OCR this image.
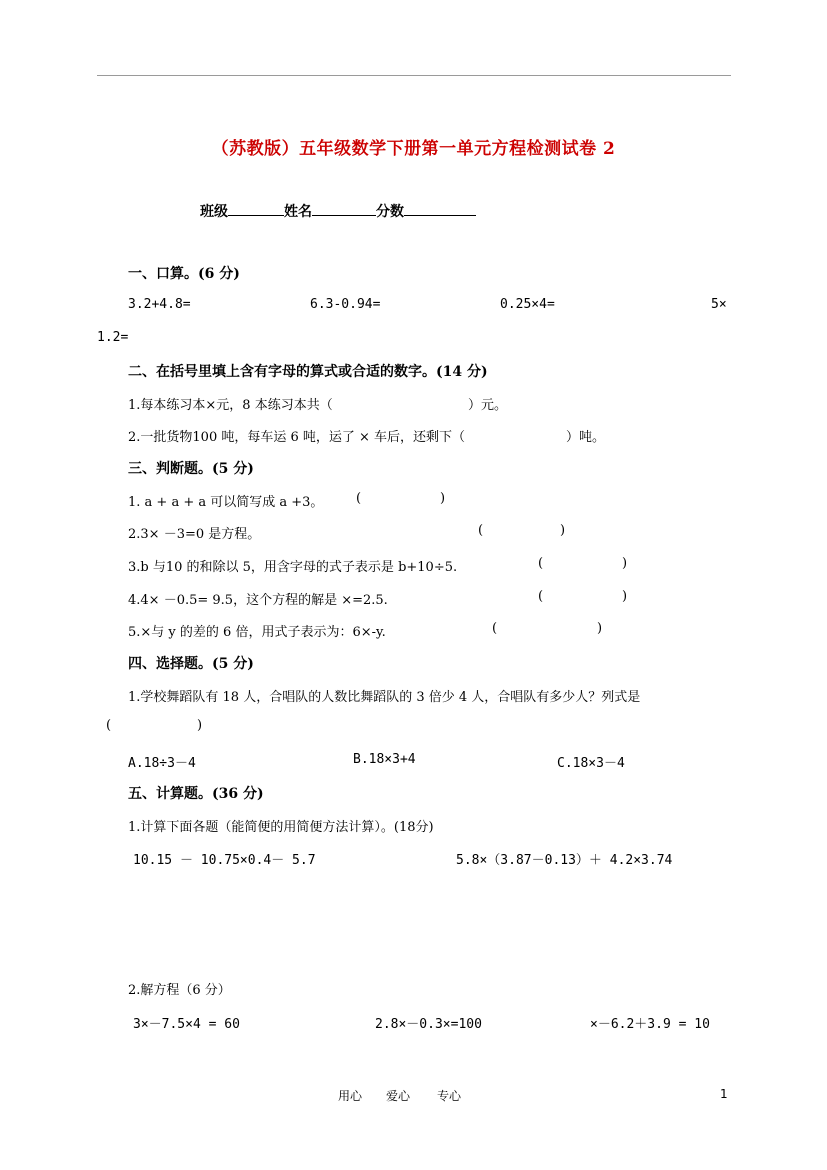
（苏教版）五年级数学下册第一单元方程检测试卷 2
班级	姓名	分数
一、口算。(6 分)
3.2+4.8=	6.3-0.94=	0.25×4=	5×
1.2=
二、在括号里填上含有字母的算式或合适的数字。(14 分)
1.每本练习本×元，8 本练习本共（	）元。
2.一批货物100 吨，每车运 6 吨，运了 × 车后，还剩下（	）吨。
三、判断题。(5 分)
1. a + a + a 可以简写成 a +3。	(	)
2.3× －3=0 是方程。	(	)
3.b 与10 的和除以 5，用含字母的式子表示是 b+10÷5.	(	)
4.4× －0.5= 9.5，这个方程的解是 ×=2.5.	(	)
5.×与 y 的差的 6 倍，用式子表示为：6×-y.	(	)
四、选择题。(5 分)
1.学校舞蹈队有 18 人，合唱队的人数比舞蹈队的 3 倍少 4 人，合唱队有多少人？列式是
(	)
A.18÷3－4	B.18×3+4	C.18×3－4
五、计算题。(36 分)
1.计算下面各题（能简便的用简便方法计算）。(18分)
10.15 － 10.75×0.4－ 5.7	5.8×（3.87－0.13）＋ 4.2×3.74
2.解方程（6 分）
3×－7.5×4 = 60	2.8×－0.3×=100	×－6.2＋3.9 = 10
用心 爱心 专心	1
